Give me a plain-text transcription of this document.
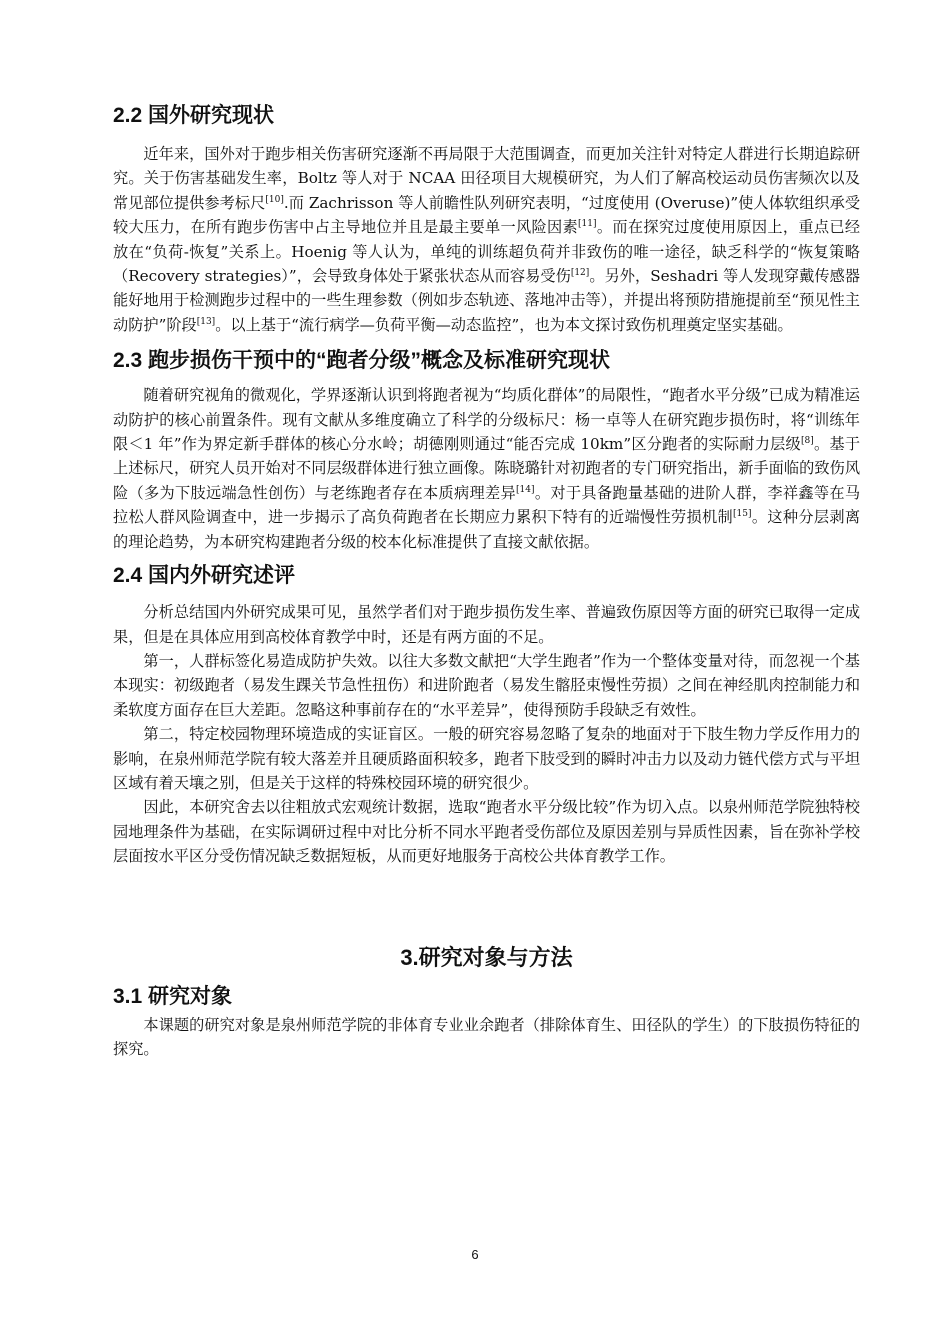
2.2 国外研究现状

近年来，国外对于跑步相关伤害研究逐渐不再局限于大范围调查，而更加关注针对特定人群进行长期追踪研究。关于伤害基础发生率，Boltz 等人对于 NCAA 田径项目大规模研究，为人们了解高校运动员伤害频次以及常见部位提供参考标尺[10].而 Zachrisson 等人前瞻性队列研究表明，“过度使用 (Overuse)”使人体软组织承受较大压力，在所有跑步伤害中占主导地位并且是最主要单一风险因素[11]。而在探究过度使用原因上，重点已经放在“负荷-恢复”关系上。Hoenig 等人认为，单纯的训练超负荷并非致伤的唯一途径，缺乏科学的“恢复策略（Recovery strategies）”，会导致身体处于紧张状态从而容易受伤[12]。另外，Seshadri 等人发现穿戴传感器能好地用于检测跑步过程中的一些生理参数（例如步态轨迹、落地冲击等），并提出将预防措施提前至“预见性主动防护”阶段[13]。以上基于“流行病学—负荷平衡—动态监控”，也为本文探讨致伤机理奠定坚实基础。

2.3 跑步损伤干预中的“跑者分级”概念及标准研究现状

随着研究视角的微观化，学界逐渐认识到将跑者视为“均质化群体”的局限性，“跑者水平分级”已成为精准运动防护的核心前置条件。现有文献从多维度确立了科学的分级标尺：杨一卓等人在研究跑步损伤时，将“训练年限＜1 年”作为界定新手群体的核心分水岭；胡德刚则通过“能否完成 10km”区分跑者的实际耐力层级[8]。基于上述标尺，研究人员开始对不同层级群体进行独立画像。陈晓璐针对初跑者的专门研究指出，新手面临的致伤风险（多为下肢远端急性创伤）与老练跑者存在本质病理差异[14]。对于具备跑量基础的进阶人群，李祥鑫等在马拉松人群风险调查中，进一步揭示了高负荷跑者在长期应力累积下特有的近端慢性劳损机制[15]。这种分层剥离的理论趋势，为本研究构建跑者分级的校本化标准提供了直接文献依据。

2.4 国内外研究述评

分析总结国内外研究成果可见，虽然学者们对于跑步损伤发生率、普遍致伤原因等方面的研究已取得一定成果，但是在具体应用到高校体育教学中时，还是有两方面的不足。

第一，人群标签化易造成防护失效。以往大多数文献把“大学生跑者”作为一个整体变量对待，而忽视一个基本现实：初级跑者（易发生踝关节急性扭伤）和进阶跑者（易发生髂胫束慢性劳损）之间在神经肌肉控制能力和柔软度方面存在巨大差距。忽略这种事前存在的“水平差异”，使得预防手段缺乏有效性。

第二，特定校园物理环境造成的实证盲区。一般的研究容易忽略了复杂的地面对于下肢生物力学反作用力的影响，在泉州师范学院有较大落差并且硬质路面积较多，跑者下肢受到的瞬时冲击力以及动力链代偿方式与平坦区域有着天壤之别，但是关于这样的特殊校园环境的研究很少。

因此，本研究舍去以往粗放式宏观统计数据，选取“跑者水平分级比较”作为切入点。以泉州师范学院独特校园地理条件为基础，在实际调研过程中对比分析不同水平跑者受伤部位及原因差别与异质性因素，旨在弥补学校层面按水平区分受伤情况缺乏数据短板，从而更好地服务于高校公共体育教学工作。

3.研究对象与方法
3.1 研究对象

本课题的研究对象是泉州师范学院的非体育专业业余跑者（排除体育生、田径队的学生）的下肢损伤特征的探究。

6
